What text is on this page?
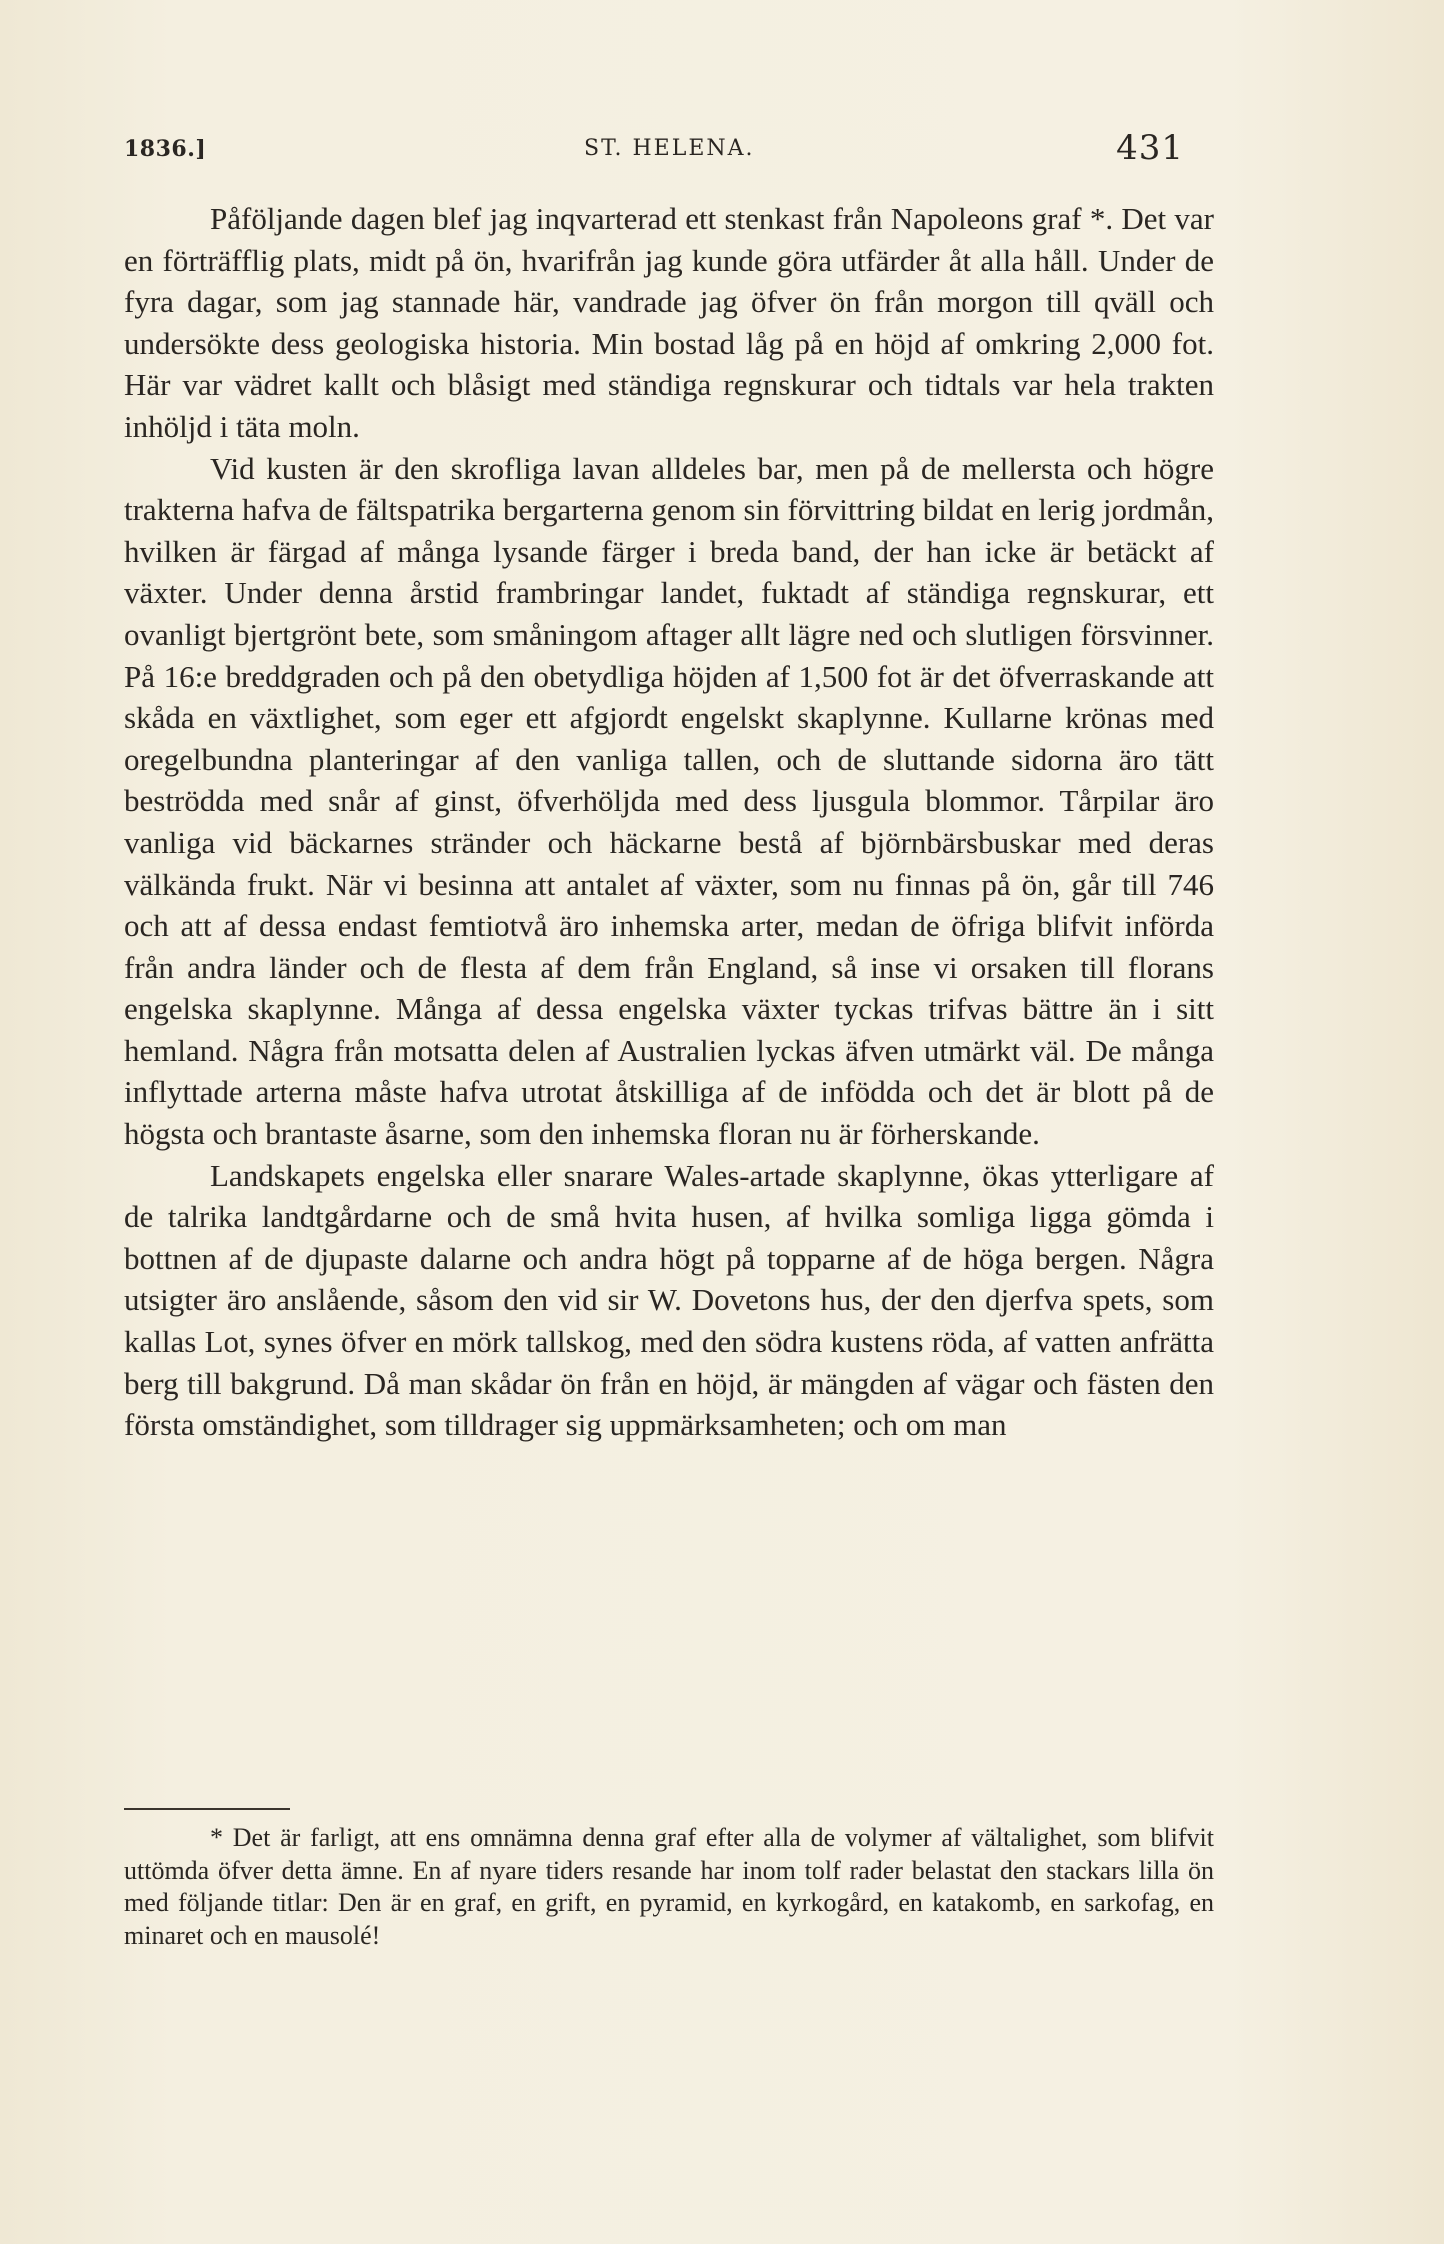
1836.]	ST. HELENA.	431

Påföljande dagen blef jag inqvarterad ett stenkast från Napoleons graf *. Det var en förträfflig plats, midt på ön, hvarifrån jag kunde göra utfärder åt alla håll. Under de fyra dagar, som jag stannade här, vandrade jag öfver ön från morgon till qväll och undersökte dess geologiska historia. Min bostad låg på en höjd af omkring 2,000 fot. Här var vädret kallt och blåsigt med ständiga regnskurar och tidtals var hela trakten inhöljd i täta moln.

Vid kusten är den skrofliga lavan alldeles bar, men på de mellersta och högre trakterna hafva de fältspatrika bergarterna genom sin förvittring bildat en lerig jordmån, hvilken är färgad af många lysande färger i breda band, der han icke är betäckt af växter. Under denna årstid frambringar landet, fuktadt af ständiga regnskurar, ett ovanligt bjertgrönt bete, som småningom aftager allt lägre ned och slutligen försvinner. På 16:e breddgraden och på den obetydliga höjden af 1,500 fot är det öfverraskande att skåda en växtlighet, som eger ett afgjordt engelskt skaplynne. Kullarne krönas med oregelbundna planteringar af den vanliga tallen, och de sluttande sidorna äro tätt beströdda med snår af ginst, öfverhöljda med dess ljusgula blommor. Tårpilar äro vanliga vid bäckarnes stränder och häckarne bestå af björnbärsbuskar med deras välkända frukt. När vi besinna att antalet af växter, som nu finnas på ön, går till 746 och att af dessa endast femtiotvå äro inhemska arter, medan de öfriga blifvit införda från andra länder och de flesta af dem från England, så inse vi orsaken till florans engelska skaplynne. Många af dessa engelska växter tyckas trifvas bättre än i sitt hemland. Några från motsatta delen af Australien lyckas äfven utmärkt väl. De många inflyttade arterna måste hafva utrotat åtskilliga af de infödda och det är blott på de högsta och brantaste åsarne, som den inhemska floran nu är förherskande.

Landskapets engelska eller snarare Wales-artade skaplynne, ökas ytterligare af de talrika landtgårdarne och de små hvita husen, af hvilka somliga ligga gömda i bottnen af de djupaste dalarne och andra högt på topparne af de höga bergen. Några utsigter äro anslående, såsom den vid sir W. Dovetons hus, der den djerfva spets, som kallas Lot, synes öfver en mörk tallskog, med den södra kustens röda, af vatten anfrätta berg till bakgrund. Då man skådar ön från en höjd, är mängden af vägar och fästen den första omständighet, som tilldrager sig uppmärksamheten; och om man

* Det är farligt, att ens omnämna denna graf efter alla de volymer af vältalighet, som blifvit uttömda öfver detta ämne. En af nyare tiders resande har inom tolf rader belastat den stackars lilla ön med följande titlar: Den är en graf, en grift, en pyramid, en kyrkogård, en katakomb, en sarkofag, en minaret och en mausolé!
